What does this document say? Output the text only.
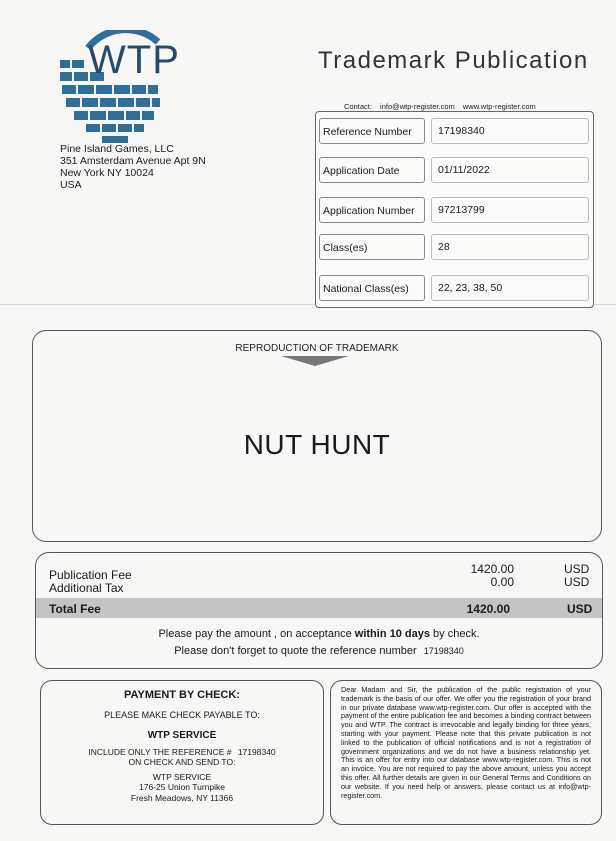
WTP	Trademark Publication
Contact: info@wtp-register.com www.wtp-register.com
Pine Island Games, LLC
351 Amsterdam Avenue Apt 9N
New York NY 10024
USA
Reference Number	17198340
Application Date	01/11/2022
Application Number	97213799
Class(es)	28
National Class(es)	22, 23, 38, 50
REPRODUCTION OF TRADEMARK
NUT HUNT
Publication Fee	1420.00	USD
Additional Tax	0.00	USD
Total Fee	1420.00	USD
Please pay the amount , on acceptance within 10 days by check.
Please don't forget to quote the reference number 17198340
PAYMENT BY CHECK:
PLEASE MAKE CHECK PAYABLE TO:
WTP SERVICE
INCLUDE ONLY THE REFERENCE # 17198340
ON CHECK AND SEND TO:
WTP SERVICE
176-25 Union Turnpike
Fresh Meadows, NY 11366
Dear Madam and Sir, the publication of the public registration of your trademark is the basis of our offer. We offer you the registration of your brand in our private database www.wtp-register.com. Our offer is accepted with the payment of the entire publication fee and becomes a binding contract between you and WTP. The contract is irrevocable and legally binding for three years, starting with your payment. Please note that this private publication is not linked to the publication of official notifications and is not a registration of government organizations and we do not have a business relationship yet. This is an offer for entry into our database www.wtp-register.com. This is not an invoice. You are not required to pay the above amount, unless you accept this offer. All further details are given in our General Terms and Conditions on our website. If you need help or answers, please contact us at info@wtp-register.com.
